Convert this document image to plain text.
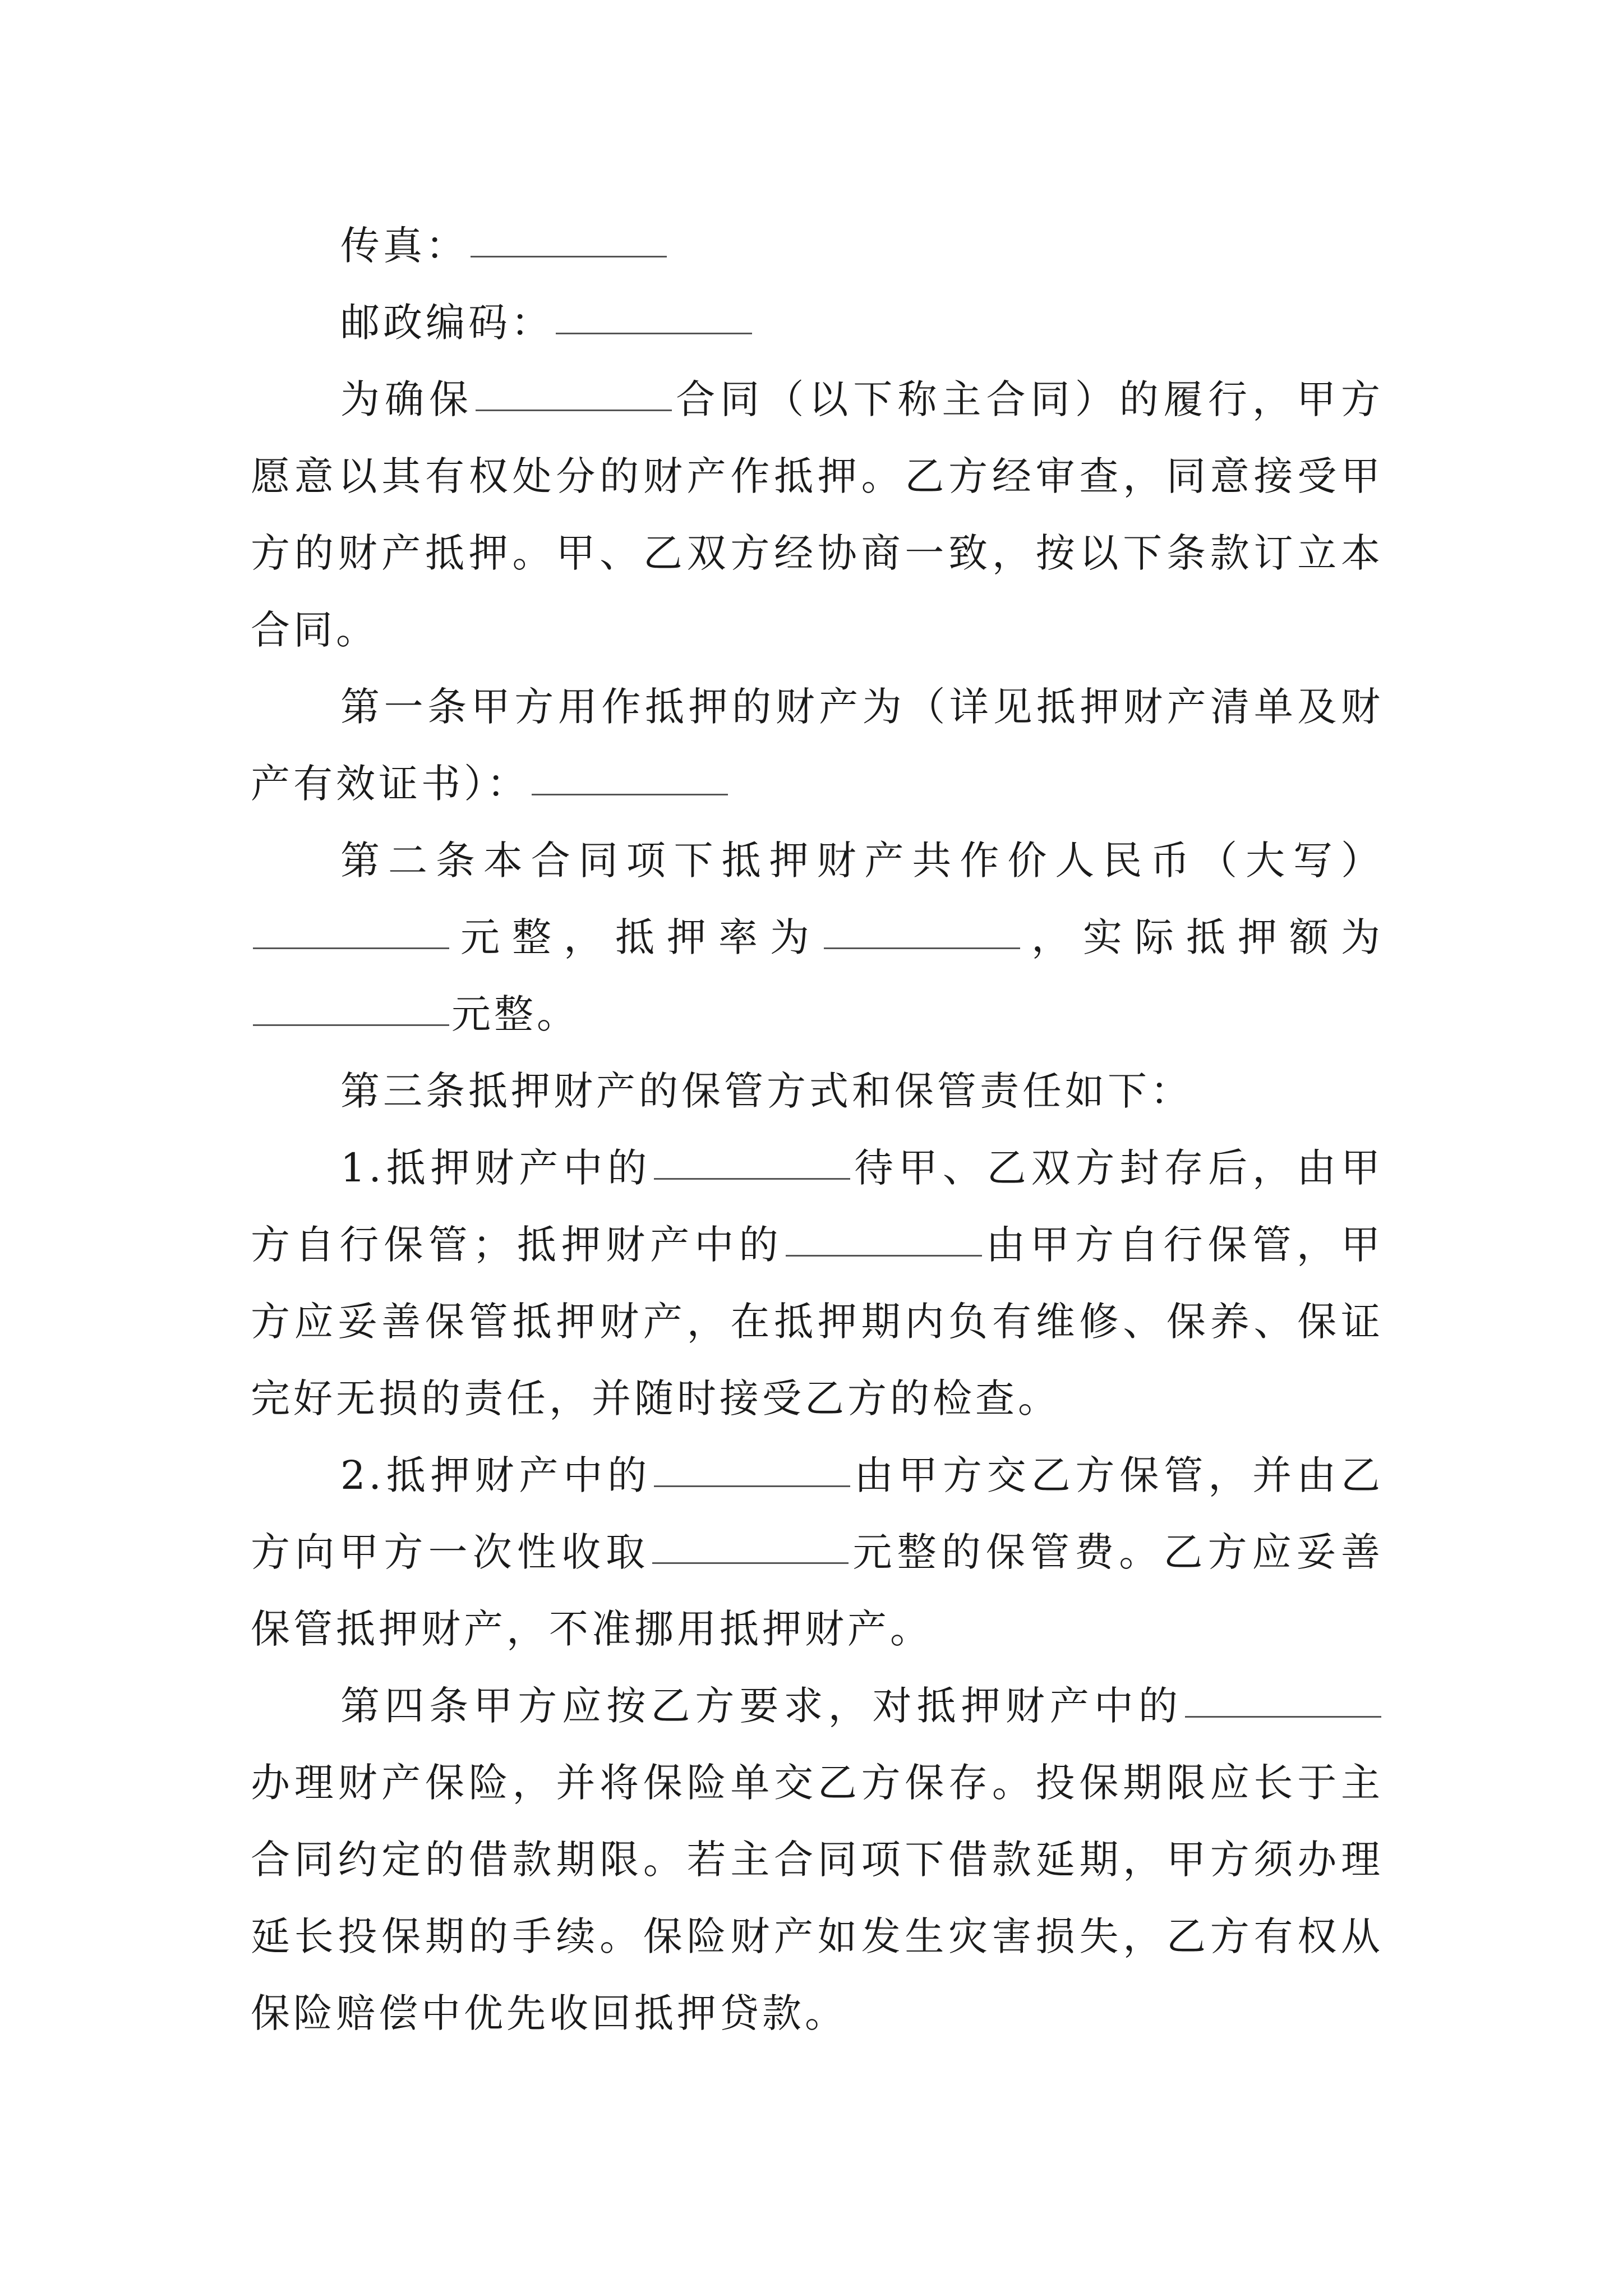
传真：

邮政编码：

为确保	合同（以下称主合同）的履行，甲方愿意以其有权处分的财产作抵押。乙方经审查，同意接受甲方的财产抵押。甲、乙双方经协商一致，按以下条款订立本合同。

第一条甲方用作抵押的财产为（详见抵押财产清单及财产有效证书）：

第二条本合同项下抵押财产共作价人民币（大写）元整，抵押率为	，实际抵押额为元整。

第三条抵押财产的保管方式和保管责任如下：

1.抵押财产中的	待甲、乙双方封存后，由甲方自行保管；抵押财产中的	由甲方自行保管，甲方应妥善保管抵押财产，在抵押期内负有维修、保养、保证完好无损的责任，并随时接受乙方的检查。

2.抵押财产中的	由甲方交乙方保管，并由乙方向甲方一次性收取	元整的保管费。乙方应妥善保管抵押财产，不准挪用抵押财产。

第四条甲方应按乙方要求，对抵押财产中的办理财产保险，并将保险单交乙方保存。投保期限应长于主合同约定的借款期限。若主合同项下借款延期，甲方须办理延长投保期的手续。保险财产如发生灾害损失，乙方有权从保险赔偿中优先收回抵押贷款。
